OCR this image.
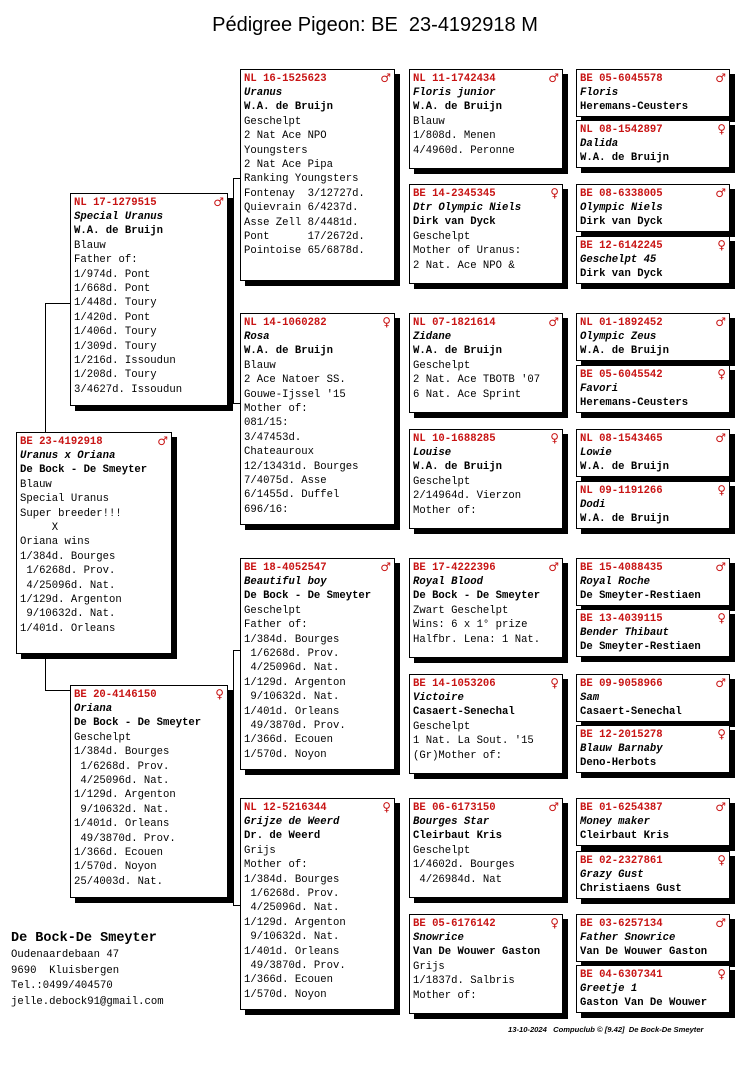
Pédigree Pigeon: BE  23-4192918 M
BE 23-4192918	♂
Uranus x Oriana
De Bock - De Smeyter
Blauw
Special Uranus
Super breeder!!!
X
Oriana wins
1/384d. Bourges
1/6268d. Prov.
4/25096d. Nat.
1/129d. Argenton
9/10632d. Nat.
1/401d. Orleans
NL 17-1279515	♂
Special Uranus
W.A. de Bruijn
Blauw
Father of:
1/974d. Pont
1/668d. Pont
1/448d. Toury
1/420d. Pont
1/406d. Toury
1/309d. Toury
1/216d. Issoudun
1/208d. Toury
3/4627d. Issoudun
BE 20-4146150	♀
Oriana
De Bock - De Smeyter
Geschelpt
1/384d. Bourges
1/6268d. Prov.
4/25096d. Nat.
1/129d. Argenton
9/10632d. Nat.
1/401d. Orleans
49/3870d. Prov.
1/366d. Ecouen
1/570d. Noyon
25/4003d. Nat.
NL 16-1525623	♂
Uranus
W.A. de Bruijn
Geschelpt
2 Nat Ace NPO
Youngsters
2 Nat Ace Pipa
Ranking Youngsters
Fontenay  3/12727d.
Quievrain 6/4237d.
Asse Zell 8/4481d.
Pont      17/2672d.
Pointoise 65/6878d.
NL 14-1060282	♀
Rosa
W.A. de Bruijn
Blauw
2 Ace Natoer SS.
Gouwe-Ijssel '15
Mother of:
081/15:
3/47453d.
Chateauroux
12/13431d. Bourges
7/4075d. Asse
6/1455d. Duffel
696/16:
BE 18-4052547	♂
Beautiful boy
De Bock - De Smeyter
Geschelpt
Father of:
1/384d. Bourges
1/6268d. Prov.
4/25096d. Nat.
1/129d. Argenton
9/10632d. Nat.
1/401d. Orleans
49/3870d. Prov.
1/366d. Ecouen
1/570d. Noyon
NL 12-5216344	♀
Grijze de Weerd
Dr. de Weerd
Grijs
Mother of:
1/384d. Bourges
1/6268d. Prov.
4/25096d. Nat.
1/129d. Argenton
9/10632d. Nat.
1/401d. Orleans
49/3870d. Prov.
1/366d. Ecouen
1/570d. Noyon
NL 11-1742434	♂
Floris junior
W.A. de Bruijn
Blauw
1/808d. Menen
4/4960d. Peronne
BE 14-2345345	♀
Dtr Olympic Niels
Dirk van Dyck
Geschelpt
Mother of Uranus:
2 Nat. Ace NPO &
NL 07-1821614	♂
Zidane
W.A. de Bruijn
Geschelpt
2 Nat. Ace TBOTB '07
6 Nat. Ace Sprint
NL 10-1688285	♀
Louise
W.A. de Bruijn
Geschelpt
2/14964d. Vierzon
Mother of:
BE 17-4222396	♂
Royal Blood
De Bock - De Smeyter
Zwart Geschelpt
Wins: 6 x 1° prize
Halfbr. Lena: 1 Nat.
BE 14-1053206	♀
Victoire
Casaert-Senechal
Geschelpt
1 Nat. La Sout. '15
(Gr)Mother of:
BE 06-6173150	♂
Bourges Star
Cleirbaut Kris
Geschelpt
1/4602d. Bourges
4/26984d. Nat
BE 05-6176142	♀
Snowrice
Van De Wouwer Gaston
Grijs
1/1837d. Salbris
Mother of:
BE 05-6045578	♂
Floris
Heremans-Ceusters
NL 08-1542897	♀
Dalida
W.A. de Bruijn
BE 08-6338005	♂
Olympic Niels
Dirk van Dyck
BE 12-6142245	♀
Geschelpt 45
Dirk van Dyck
NL 01-1892452	♂
Olympic Zeus
W.A. de Bruijn
BE 05-6045542	♀
Favori
Heremans-Ceusters
NL 08-1543465	♂
Lowie
W.A. de Bruijn
NL 09-1191266	♀
Dodi
W.A. de Bruijn
BE 15-4088435	♂
Royal Roche
De Smeyter-Restiaen
BE 13-4039115	♀
Bender Thibaut
De Smeyter-Restiaen
BE 09-9058966	♂
Sam
Casaert-Senechal
BE 12-2015278	♀
Blauw Barnaby
Deno-Herbots
BE 01-6254387	♂
Money maker
Cleirbaut Kris
BE 02-2327861	♀
Grazy Gust
Christiaens Gust
BE 03-6257134	♂
Father Snowrice
Van De Wouwer Gaston
BE 04-6307341	♀
Greetje 1
Gaston Van De Wouwer
De Bock-De Smeyter
Oudenaardebaan 47
9690  Kluisbergen
Tel.:0499/404570
jelle.debock91@gmail.com
13-10-2024   Compuclub © [9.42]  De Bock-De Smeyter
